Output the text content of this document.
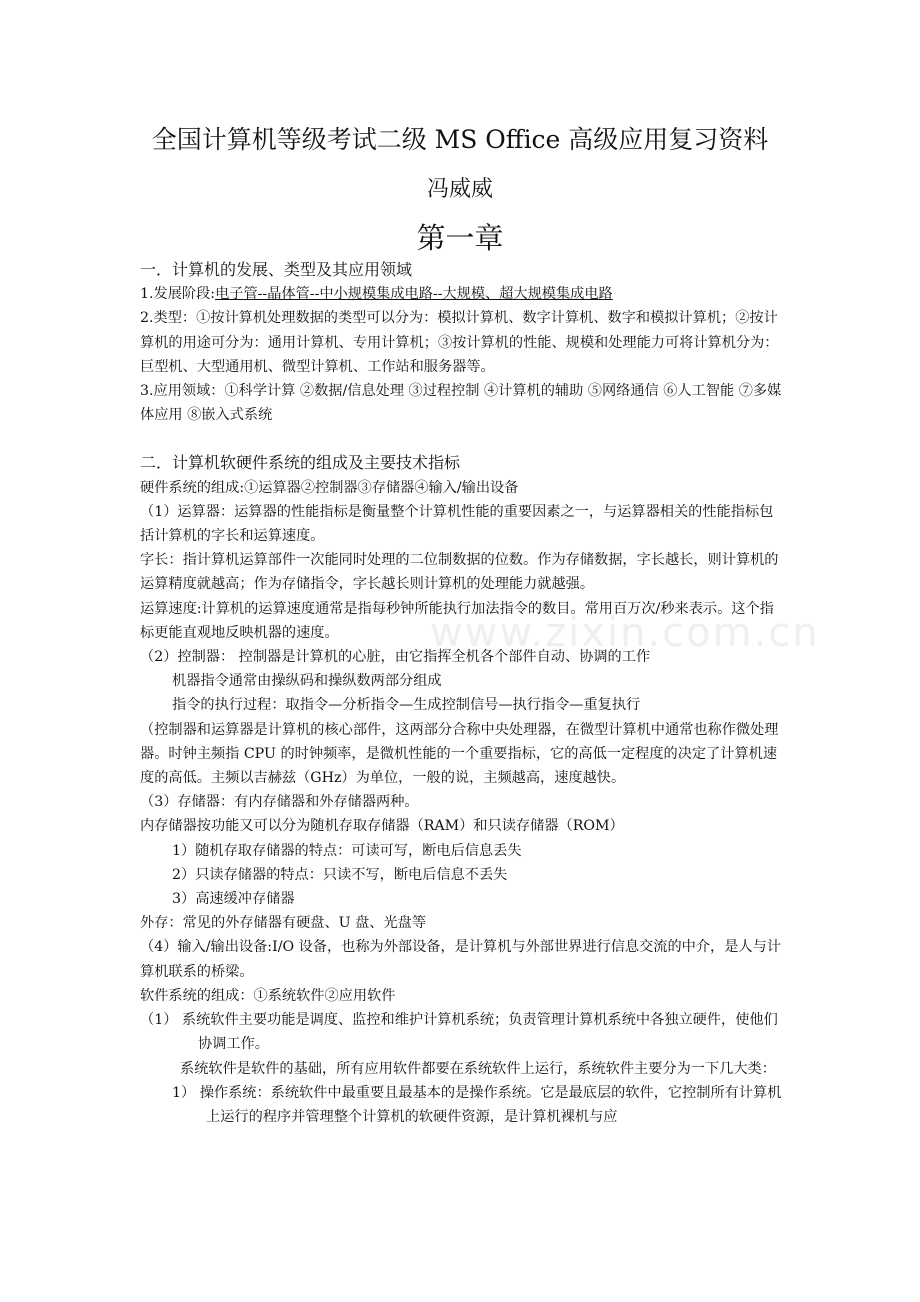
www.zixin.com.cn
全国计算机等级考试二级 MS Office 高级应用复习资料
冯威威
第一章

一．计算机的发展、类型及其应用领域

1.发展阶段:电子管--晶体管--中小规模集成电路--大规模、超大规模集成电路

2.类型：①按计算机处理数据的类型可以分为：模拟计算机、数字计算机、数字和模拟计算机；②按计算机的用途可分为：通用计算机、专用计算机；③按计算机的性能、规模和处理能力可将计算机分为：巨型机、大型通用机、微型计算机、工作站和服务器等。

3.应用领域：①科学计算 ②数据/信息处理 ③过程控制 ④计算机的辅助 ⑤网络通信 ⑥人工智能 ⑦多媒体应用 ⑧嵌入式系统

二．计算机软硬件系统的组成及主要技术指标

硬件系统的组成:①运算器②控制器③存储器④输入/输出设备

（1）运算器：运算器的性能指标是衡量整个计算机性能的重要因素之一，与运算器相关的性能指标包括计算机的字长和运算速度。

字长：指计算机运算部件一次能同时处理的二位制数据的位数。作为存储数据，字长越长，则计算机的运算精度就越高；作为存储指令，字长越长则计算机的处理能力就越强。

运算速度:计算机的运算速度通常是指每秒钟所能执行加法指令的数目。常用百万次/秒来表示。这个指标更能直观地反映机器的速度。

（2）控制器： 控制器是计算机的心脏，由它指挥全机各个部件自动、协调的工作

机器指令通常由操纵码和操纵数两部分组成

指令的执行过程：取指令—分析指令—生成控制信号—执行指令—重复执行

（控制器和运算器是计算机的核心部件，这两部分合称中央处理器，在微型计算机中通常也称作微处理器。时钟主频指 CPU 的时钟频率，是微机性能的一个重要指标，它的高低一定程度的决定了计算机速度的高低。主频以吉赫兹（GHz）为单位，一般的说，主频越高，速度越快。

（3）存储器：有内存储器和外存储器两种。

内存储器按功能又可以分为随机存取存储器（RAM）和只读存储器（ROM）

1）随机存取存储器的特点：可读可写，断电后信息丢失

2）只读存储器的特点：只读不写，断电后信息不丢失

3）高速缓冲存储器

外存：常见的外存储器有硬盘、U 盘、光盘等

（4）输入/输出设备:I/O 设备，也称为外部设备，是计算机与外部世界进行信息交流的中介，是人与计算机联系的桥梁。

软件系统的组成：①系统软件②应用软件

（1） 系统软件主要功能是调度、监控和维护计算机系统；负责管理计算机系统中各独立硬件，使他们协调工作。

系统软件是软件的基础，所有应用软件都要在系统软件上运行，系统软件主要分为一下几大类：

1） 操作系统：系统软件中最重要且最基本的是操作系统。它是最底层的软件，它控制所有计算机上运行的程序并管理整个计算机的软硬件资源，是计算机裸机与应
